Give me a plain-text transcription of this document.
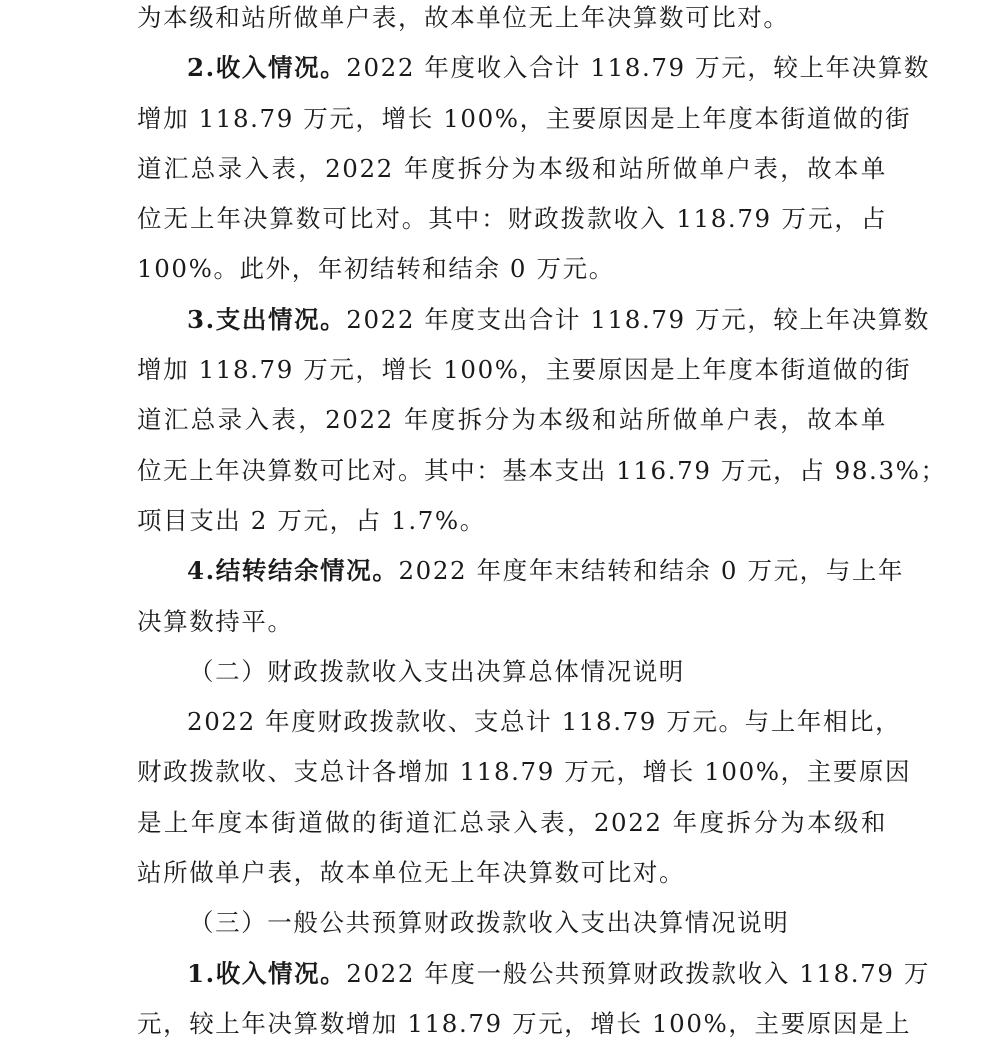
为本级和站所做单户表，故本单位无上年决算数可比对。
2.收入情况。2022 年度收入合计 118.79 万元，较上年决算数
增加 118.79 万元，增长 100%，主要原因是上年度本街道做的街
道汇总录入表，2022 年度拆分为本级和站所做单户表，故本单
位无上年决算数可比对。其中：财政拨款收入 118.79 万元，占
100%。此外，年初结转和结余 0 万元。
3.支出情况。2022 年度支出合计 118.79 万元，较上年决算数
增加 118.79 万元，增长 100%，主要原因是上年度本街道做的街
道汇总录入表，2022 年度拆分为本级和站所做单户表，故本单
位无上年决算数可比对。其中：基本支出 116.79 万元，占 98.3%；
项目支出 2 万元，占 1.7%。
4.结转结余情况。2022 年度年末结转和结余 0 万元，与上年
决算数持平。
（二）财政拨款收入支出决算总体情况说明
2022 年度财政拨款收、支总计 118.79 万元。与上年相比，
财政拨款收、支总计各增加 118.79 万元，增长 100%，主要原因
是上年度本街道做的街道汇总录入表，2022 年度拆分为本级和
站所做单户表，故本单位无上年决算数可比对。
（三）一般公共预算财政拨款收入支出决算情况说明
1.收入情况。2022 年度一般公共预算财政拨款收入 118.79 万
元，较上年决算数增加 118.79 万元，增长 100%，主要原因是上
